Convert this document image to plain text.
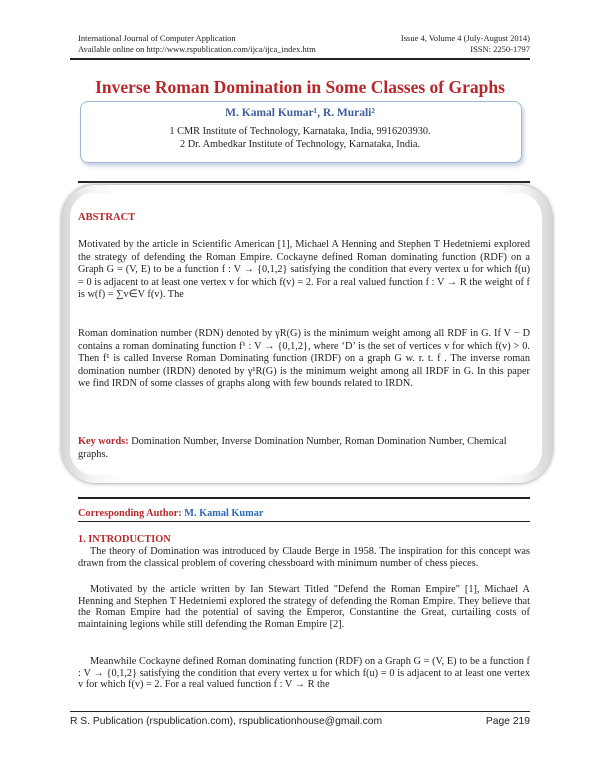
International Journal of Computer Application
Available online on http://www.rspublication.com/ijca/ijca_index.htm
Issue 4, Volume 4 (July-August 2014)
ISSN: 2250-1797
Inverse Roman Domination in Some Classes of Graphs
M. Kamal Kumar¹, R. Murali²
1 CMR Institute of Technology, Karnataka, India, 9916203930.
2 Dr. Ambedkar Institute of Technology, Karnataka, India.
ABSTRACT
Motivated by the article in Scientific American [1], Michael A Henning and Stephen T Hedetniemi explored the strategy of defending the Roman Empire. Cockayne defined Roman dominating function (RDF) on a Graph G = (V, E) to be a function f : V → {0,1,2} satisfying the condition that every vertex u for which f(u) = 0 is adjacent to at least one vertex v for which f(v) = 2. For a real valued function f : V → R the weight of f is w(f) = ∑v∈V f(v). The
Roman domination number (RDN) denoted by γR(G) is the minimum weight among all RDF in G. If V − D contains a roman dominating function f¹ : V → {0,1,2}, where ‘D’ is the set of vertices v for which f(v) > 0. Then f¹ is called Inverse Roman Dominating function (IRDF) on a graph G w. r. t. f . The inverse roman domination number (IRDN) denoted by γ¹R(G) is the minimum weight among all IRDF in G. In this paper we find IRDN of some classes of graphs along with few bounds related to IRDN.
Key words: Domination Number, Inverse Domination Number, Roman Domination Number, Chemical graphs.
Corresponding Author: M. Kamal Kumar
1. INTRODUCTION
The theory of Domination was introduced by Claude Berge in 1958. The inspiration for this concept was drawn from the classical problem of covering chessboard with minimum number of chess pieces.
Motivated by the article written by Ian Stewart Titled "Defend the Roman Empire" [1], Michael A Henning and Stephen T Hedetniemi explored the strategy of defending the Roman Empire. They believe that the Roman Empire had the potential of saving the Emperor, Constantine the Great, curtailing costs of maintaining legions while still defending the Roman Empire [2].
Meanwhile Cockayne defined Roman dominating function (RDF) on a Graph G = (V, E) to be a function f : V → {0,1,2} satisfying the condition that every vertex u for which f(u) = 0 is adjacent to at least one vertex v for which f(v) = 2. For a real valued function f : V → R the
R S. Publication (rspublication.com), rspublicationhouse@gmail.com	Page 219
